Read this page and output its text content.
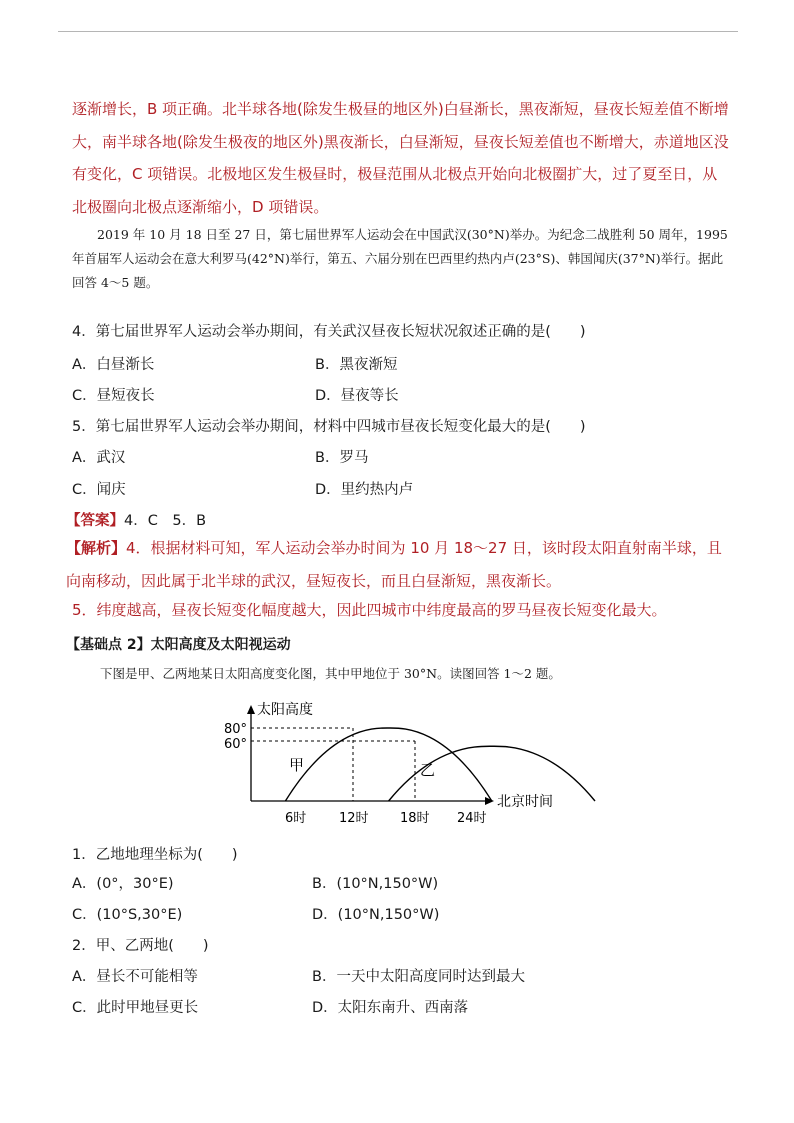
逐渐增长，B 项正确。北半球各地(除发生极昼的地区外)白昼渐长，黑夜渐短，昼夜长短差值不断增大，南半球各地(除发生极夜的地区外)黑夜渐长，白昼渐短，昼夜长短差值也不断增大，赤道地区没有变化，C 项错误。北极地区发生极昼时，极昼范围从北极点开始向北极圈扩大，过了夏至日，从北极圈向北极点逐渐缩小，D 项错误。

2019 年 10 月 18 日至 27 日，第七届世界军人运动会在中国武汉(30°N)举办。为纪念二战胜利 50 周年，1995 年首届军人运动会在意大利罗马(42°N)举行，第五、六届分别在巴西里约热内卢(23°S)、韩国闻庆(37°N)举行。据此回答 4～5 题。

4．第七届世界军人运动会举办期间，有关武汉昼夜长短状况叙述正确的是(　　)
A．白昼渐长	B．黑夜渐短
C．昼短夜长	D．昼夜等长
5．第七届世界军人运动会举办期间，材料中四城市昼夜长短变化最大的是(　　)
A．武汉	B．罗马
C．闻庆	D．里约热内卢
【答案】4．C　5．B

【解析】4．根据材料可知，军人运动会举办时间为 10 月 18～27 日，该时段太阳直射南半球，且向南移动，因此属于北半球的武汉，昼短夜长，而且白昼渐短，黑夜渐长。

5．纬度越高，昼夜长短变化幅度越大，因此四城市中纬度最高的罗马昼夜长短变化最大。

【基础点 2】太阳高度及太阳视运动
下图是甲、乙两地某日太阳高度变化图，其中甲地位于 30°N。读图回答 1～2 题。
太阳高度
北京时间
80°
60°
甲	乙
6时	12时 18时 24时
1．乙地地理坐标为(　　)
A．(0°，30°E)	B．(10°N,150°W)
C．(10°S,30°E)	D．(10°N,150°W)
2．甲、乙两地(　　)
A．昼长不可能相等	B．一天中太阳高度同时达到最大
C．此时甲地昼更长	D．太阳东南升、西南落
